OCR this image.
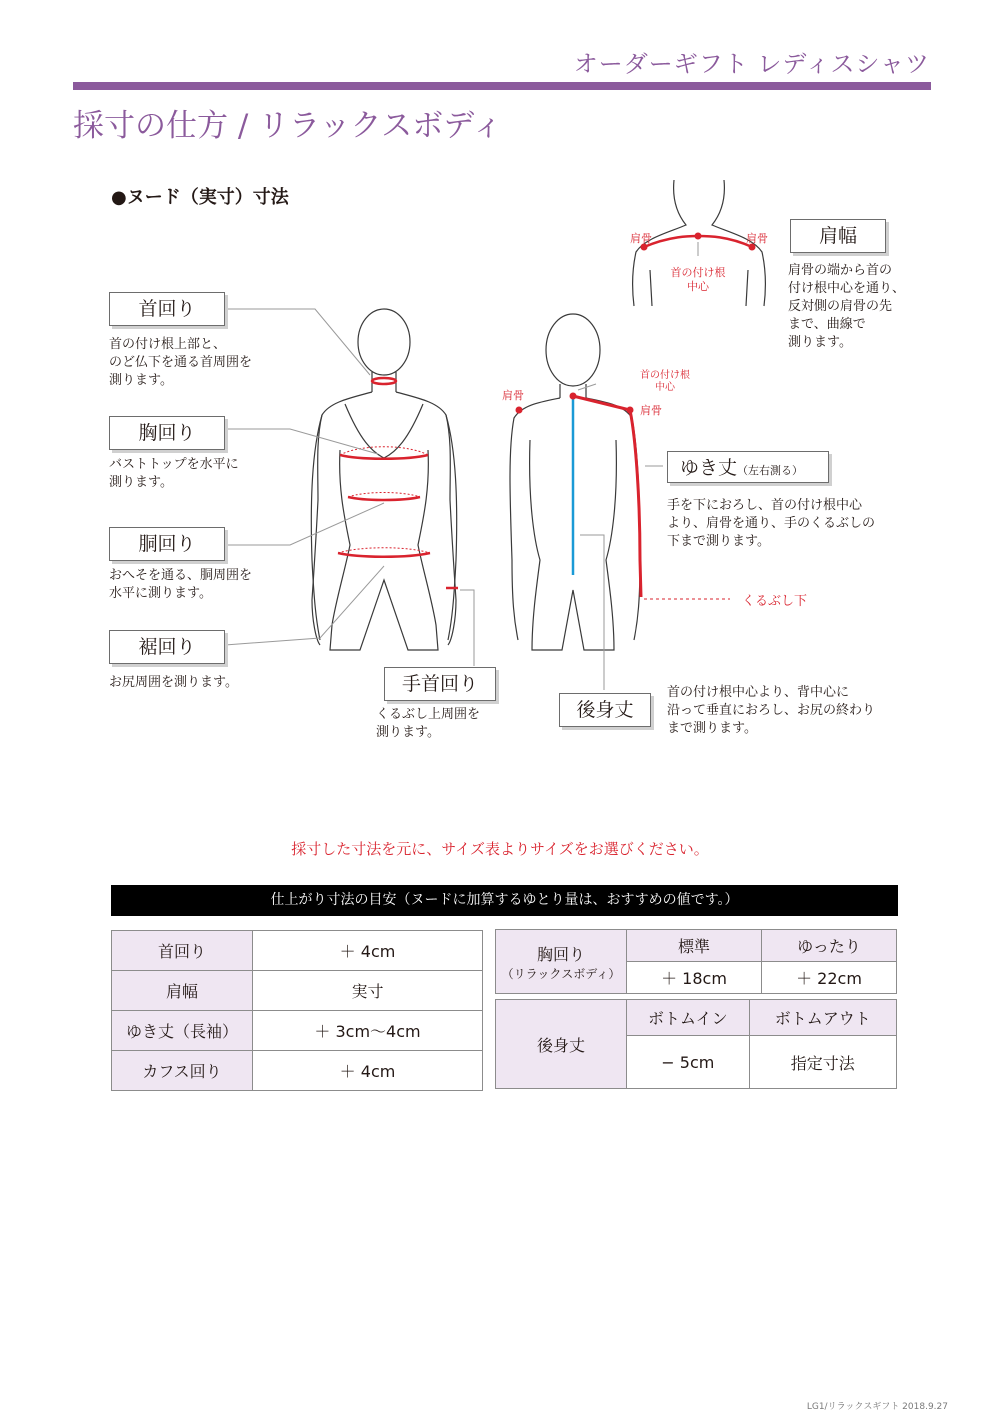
オーダーギフト レディスシャツ
採寸の仕方 / リラックスボディ
●ヌード（実寸）寸法
肩骨	肩骨
首の付け根
中心
肩骨
肩骨
首の付け根
中心
くるぶし下
首回り
首の付け根上部と、
のど仏下を通る首周囲を
測ります。
胸回り
バストトップを水平に
測ります。
胴回り
おへそを通る、胴周囲を
水平に測ります。
裾回り
お尻周囲を測ります。	手首回り
くるぶし上周囲を
測ります。
後身丈
首の付け根中心より、背中心に
沿って垂直におろし、お尻の終わり
まで測ります。
ゆき丈（左右測る）
手を下におろし、首の付け根中心
より、肩骨を通り、手のくるぶしの
下まで測ります。
肩幅
肩骨の端から首の
付け根中心を通り、
反対側の肩骨の先
まで、曲線で
測ります。
採寸した寸法を元に、サイズ表よりサイズをお選びください。
仕上がり寸法の目安（ヌードに加算するゆとり量は、おすすめの値です。）
首回り	＋ 4cm
肩幅	実寸
ゆき丈（長袖）	＋ 3cm〜4cm
カフス回り	＋ 4cm
胸回り
（リラックスボディ）	標準	ゆったり
	＋ 18cm	＋ 22cm
後身丈	ボトムイン	ボトムアウト
	− 5cm	指定寸法
LG1/リラックスギフト 2018.9.27
